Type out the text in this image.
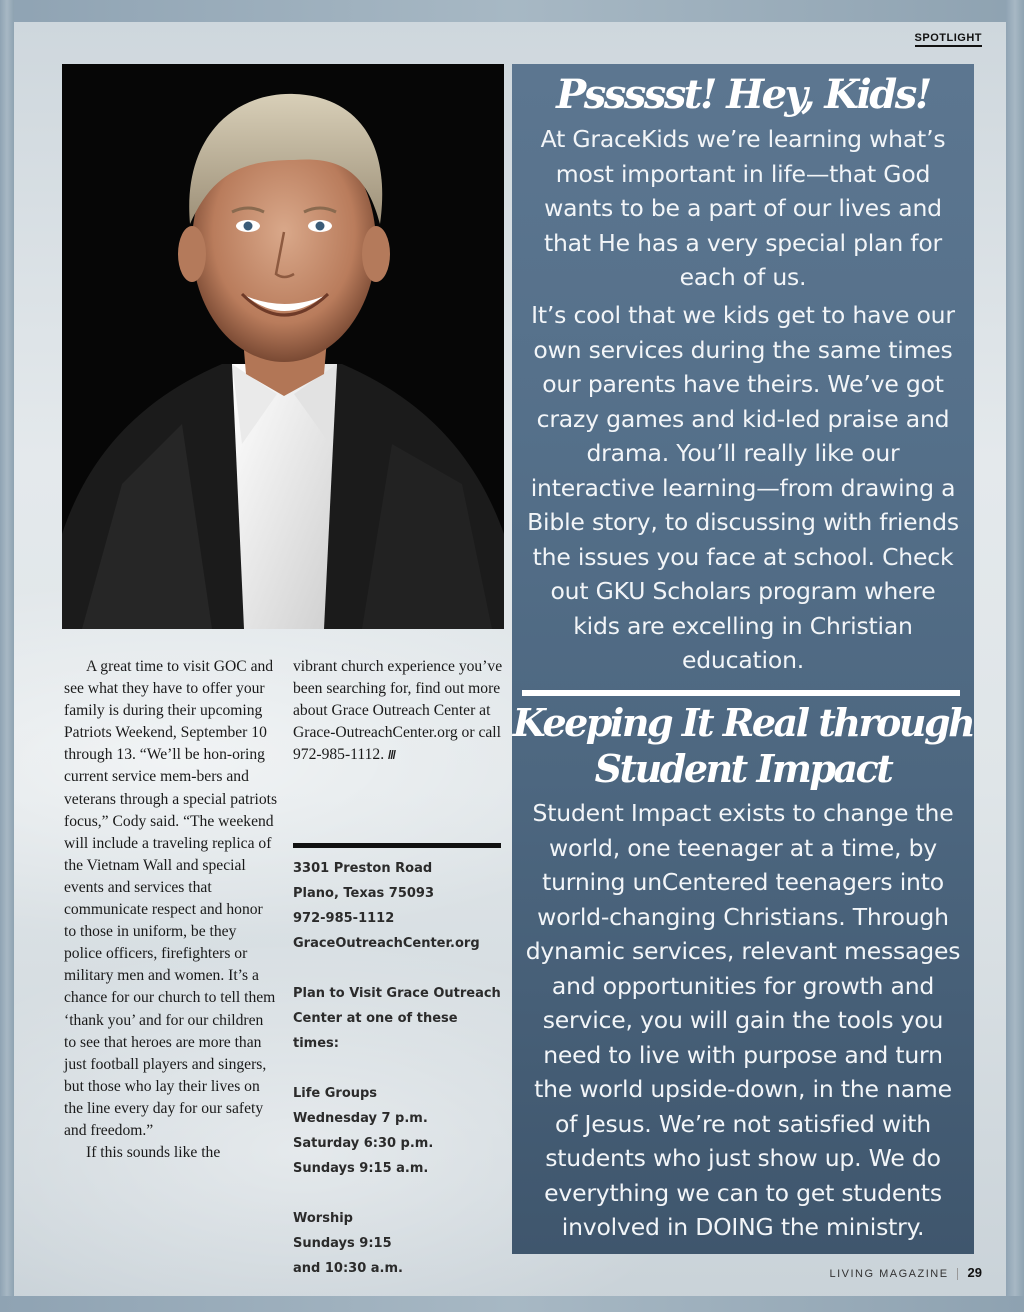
SPOTLIGHT

A great time to visit GOC and see what they have to offer your family is during their upcoming Patriots Weekend, September 10 through 13. “We’ll be hon-oring current service mem-bers and veterans through a special patriots focus,” Cody said. “The weekend will include a traveling replica of the Vietnam Wall and special events and services that communicate respect and honor to those in uniform, be they police officers, firefighters or military men and women. It’s a chance for our church to tell them ‘thank you’ and for our children to see that heroes are more than just football players and singers, but those who lay their lives on the line every day for our safety and freedom.”

If this sounds like the

vibrant church experience you’ve been searching for, find out more about Grace Outreach Center at Grace-OutreachCenter.org or call 972-985-1112. ///

3301 Preston Road
Plano, Texas 75093
972-985-1112
GraceOutreachCenter.org
Plan to Visit Grace Outreach
Center at one of these times:
Life Groups
Wednesday 7 p.m.
Saturday 6:30 p.m.
Sundays 9:15 a.m.
Worship
Sundays 9:15
and 10:30 a.m.
Pssssst! Hey, Kids!

At GraceKids we’re learning what’s most important in life—that God wants to be a part of our lives and that He has a very special plan for each of us.

It’s cool that we kids get to have our own services during the same times our parents have theirs. We’ve got crazy games and kid-led praise and drama. You’ll really like our interactive learning—from drawing a Bible story, to discussing with friends the issues you face at school. Check out GKU Scholars program where kids are excelling in Christian education.

Keeping It Real through Student Impact

Student Impact exists to change the world, one teenager at a time, by turning unCentered teenagers into world-changing Christians. Through dynamic services, relevant messages and opportunities for growth and service, you will gain the tools you need to live with purpose and turn the world upside-down, in the name of Jesus. We’re not satisfied with students who just show up. We do everything we can to get students involved in DOING the ministry.

LIVING MAGAZINE 29
